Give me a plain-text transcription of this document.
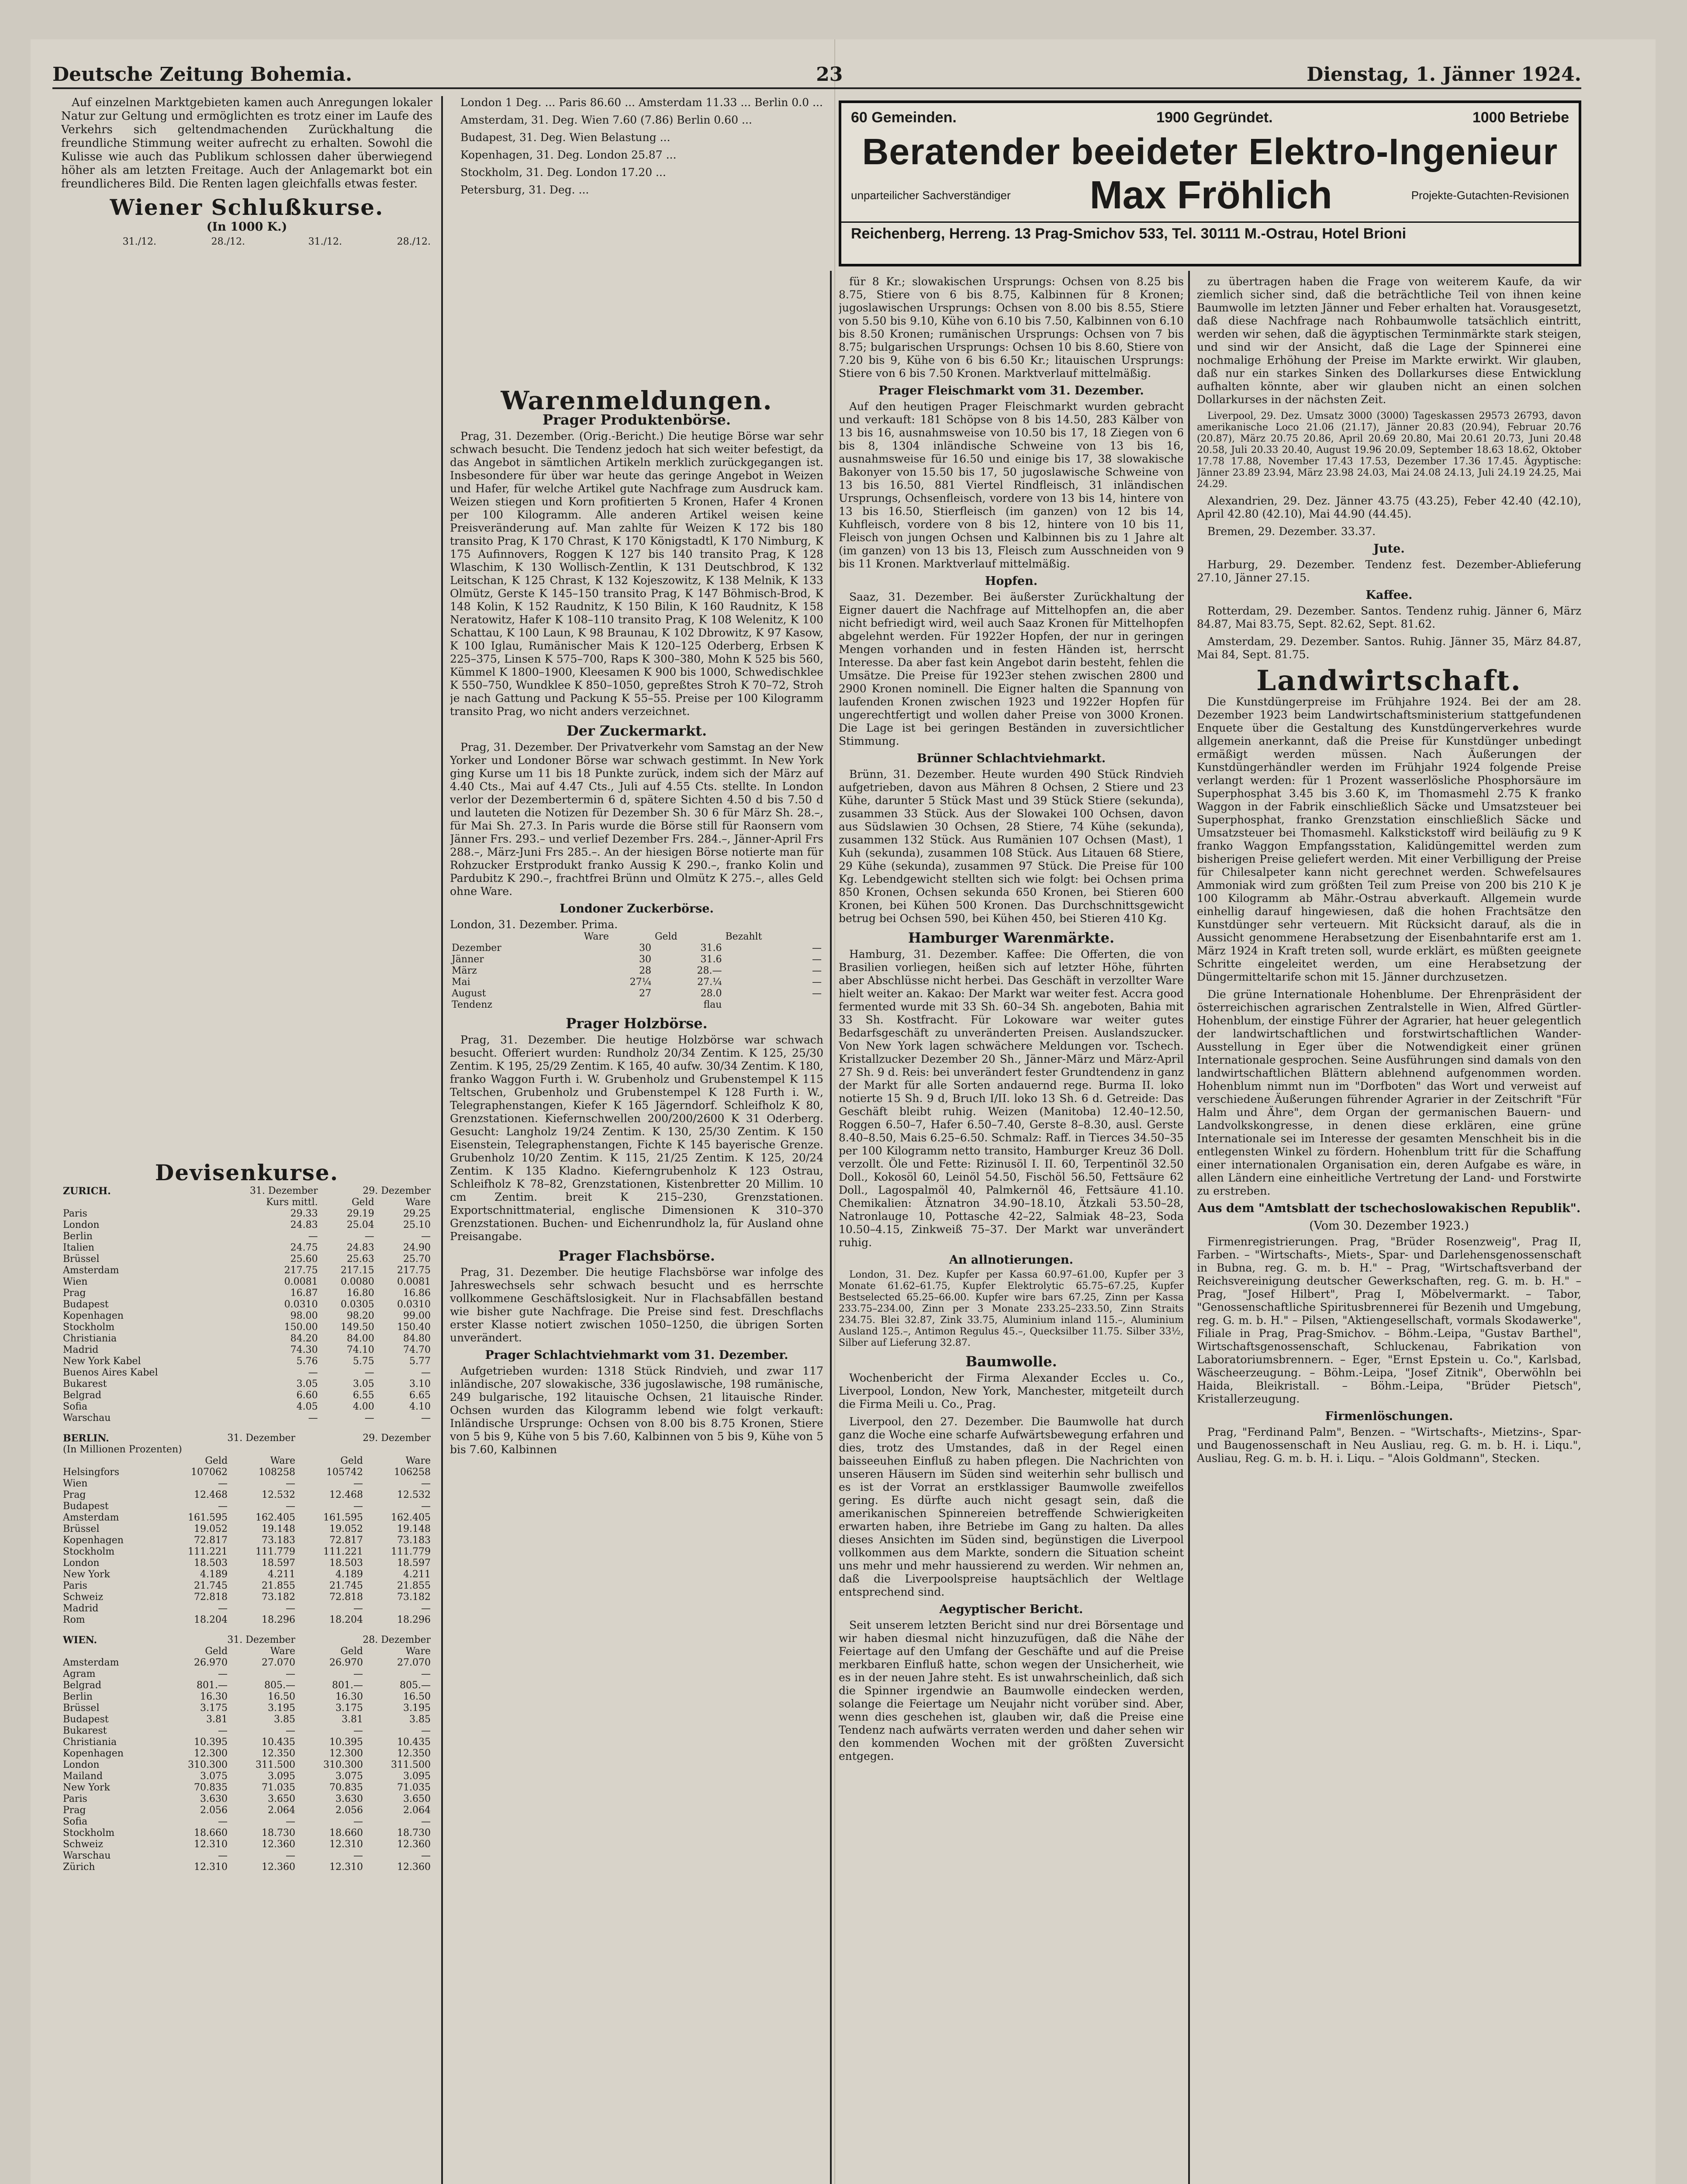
Deutsche Zeitung Bohemia.	23	Dienstag, 1. Jänner 1924.

Auf einzelnen Marktgebieten kamen auch Anregungen lokaler Natur zur Geltung und ermöglichten es trotz einer im Laufe des Verkehrs sich geltendmachenden Zurückhaltung die freundliche Stimmung weiter aufrecht zu erhalten. Sowohl die Kulisse wie auch das Publikum schlossen daher überwiegend höher als am letzten Freitage. Auch der Anlagemarkt bot ein freundlicheres Bild. Die Renten lagen gleichfalls etwas fester.

Wiener Schlußkurse.
(In 1000 K.)
	31./12.	28./12.		31./12.	28./12.
Devisenkurse.
ZURICH.	31. Dezember	29. Dezember	
	Kurs mittl.	Geld	Ware
Paris	29.33	29.19	29.25
London	24.83	25.04	25.10
Berlin	—	—	—
Italien	24.75	24.83	24.90
Brüssel	25.60	25.63	25.70
Amsterdam	217.75	217.15	217.75
Wien	0.0081	0.0080	0.0081
Prag	16.87	16.80	16.86
Budapest	0.0310	0.0305	0.0310
Kopenhagen	98.00	98.20	99.00
Stockholm	150.00	149.50	150.40
Christiania	84.20	84.00	84.80
Madrid	74.30	74.10	74.70
New York Kabel	5.76	5.75	5.77
Buenos Aires Kabel	—	—	—
Bukarest	3.05	3.05	3.10
Belgrad	6.60	6.55	6.65
Sofia	4.05	4.00	4.10
Warschau	—	—	—
BERLIN.	31. Dezember		29. Dezember	
(In Millionen Prozenten)				
	Geld	Ware	Geld	Ware
Helsingfors	107062	108258	105742	106258
Wien	—	—	—	—
Prag	12.468	12.532	12.468	12.532
Budapest	—	—	—	—
Amsterdam	161.595	162.405	161.595	162.405
Brüssel	19.052	19.148	19.052	19.148
Kopenhagen	72.817	73.183	72.817	73.183
Stockholm	111.221	111.779	111.221	111.779
London	18.503	18.597	18.503	18.597
New York	4.189	4.211	4.189	4.211
Paris	21.745	21.855	21.745	21.855
Schweiz	72.818	73.182	72.818	73.182
Madrid	—	—	—	—
Rom	18.204	18.296	18.204	18.296
WIEN.	31. Dezember		28. Dezember	
	Geld	Ware	Geld	Ware
Amsterdam	26.970	27.070	26.970	27.070
Agram	—	—	—	—
Belgrad	801.—	805.—	801.—	805.—
Berlin	16.30	16.50	16.30	16.50
Brüssel	3.175	3.195	3.175	3.195
Budapest	3.81	3.85	3.81	3.85
Bukarest	—	—	—	—
Christiania	10.395	10.435	10.395	10.435
Kopenhagen	12.300	12.350	12.300	12.350
London	310.300	311.500	310.300	311.500
Mailand	3.075	3.095	3.075	3.095
New York	70.835	71.035	70.835	71.035
Paris	3.630	3.650	3.630	3.650
Prag	2.056	2.064	2.056	2.064
Sofia	—	—	—	—
Stockholm	18.660	18.730	18.660	18.730
Schweiz	12.310	12.360	12.310	12.360
Warschau	—	—	—	—
Zürich	12.310	12.360	12.310	12.360

London 1 Deg. ... Paris 86.60 ... Amsterdam 11.33 ... Berlin 0.0 ...

Amsterdam, 31. Deg. Wien 7.60 (7.86) Berlin 0.60 ...

Budapest, 31. Deg. Wien Belastung ...

Kopenhagen, 31. Deg. London 25.87 ...

Stockholm, 31. Deg. London 17.20 ...

Petersburg, 31. Deg. ...

Warenmeldungen.
Prager Produktenbörse.

Prag, 31. Dezember. (Orig.-Bericht.) Die heutige Börse war sehr schwach besucht. Die Tendenz jedoch hat sich weiter befestigt, da das Angebot in sämtlichen Artikeln merklich zurückgegangen ist. Insbesondere für über war heute das geringe Angebot in Weizen und Hafer, für welche Artikel gute Nachfrage zum Ausdruck kam. Weizen stiegen und Korn profitierten 5 Kronen, Hafer 4 Kronen per 100 Kilogramm. Alle anderen Artikel weisen keine Preisveränderung auf. Man zahlte für Weizen K 172 bis 180 transito Prag, K 170 Chrast, K 170 Königstadtl, K 170 Nimburg, K 175 Aufinnovers, Roggen K 127 bis 140 transito Prag, K 128 Wlaschim, K 130 Wollisch-Zentlin, K 131 Deutschbrod, K 132 Leitschan, K 125 Chrast, K 132 Kojeszowitz, K 138 Melnik, K 133 Olmütz, Gerste K 145–150 transito Prag, K 147 Böhmisch-Brod, K 148 Kolin, K 152 Raudnitz, K 150 Bilin, K 160 Raudnitz, K 158 Neratowitz, Hafer K 108–110 transito Prag, K 108 Welenitz, K 100 Schattau, K 100 Laun, K 98 Braunau, K 102 Dbrowitz, K 97 Kasow, K 100 Iglau, Rumänischer Mais K 120–125 Oderberg, Erbsen K 225–375, Linsen K 575–700, Raps K 300–380, Mohn K 525 bis 560, Kümmel K 1800–1900, Kleesamen K 900 bis 1000, Schwedischklee K 550–750, Wundklee K 850–1050, gepreßtes Stroh K 70–72, Stroh je nach Gattung und Packung K 55–55. Preise per 100 Kilogramm transito Prag, wo nicht anders verzeichnet.

Der Zuckermarkt.

Prag, 31. Dezember. Der Privatverkehr vom Samstag an der New Yorker und Londoner Börse war schwach gestimmt. In New York ging Kurse um 11 bis 18 Punkte zurück, indem sich der März auf 4.40 Cts., Mai auf 4.47 Cts., Juli auf 4.55 Cts. stellte. In London verlor der Dezembertermin 6 d, spätere Sichten 4.50 d bis 7.50 d und lauteten die Notizen für Dezember Sh. 30 6 für März Sh. 28.–, für Mai Sh. 27.3. In Paris wurde die Börse still für Raonsern vom Jänner Frs. 293.– und verlief Dezember Frs. 284.–, Jänner-April Frs 288.–, März-Juni Frs 285.–. An der hiesigen Börse notierte man für Rohzucker Erstprodukt franko Aussig K 290.–, franko Kolin und Pardubitz K 290.–, frachtfrei Brünn und Olmütz K 275.–, alles Geld ohne Ware.

Londoner Zuckerbörse.
London, 31. Dezember. Prima.
	Ware	Geld	Bezahlt
Dezember	30	31.6	—
Jänner	30	31.6	—
März	28	28.—	—
Mai	27¼	27.¼	—
August	27	28.0	—
Tendenz		flau	
Prager Holzbörse.

Prag, 31. Dezember. Die heutige Holzbörse war schwach besucht. Offeriert wurden: Rundholz 20/34 Zentim. K 125, 25/30 Zentim. K 195, 25/29 Zentim. K 165, 40 aufw. 30/34 Zentim. K 180, franko Waggon Furth i. W. Grubenholz und Grubenstempel K 115 Teltschen, Grubenholz und Grubenstempel K 128 Furth i. W., Telegraphenstangen, Kiefer K 165 Jägerndorf. Schleifholz K 80, Grenzstationen. Kiefernschwellen 200/200/2600 K 31 Oderberg. Gesucht: Langholz 19/24 Zentim. K 130, 25/30 Zentim. K 150 Eisenstein, Telegraphenstangen, Fichte K 145 bayerische Grenze. Grubenholz 10/20 Zentim. K 115, 21/25 Zentim. K 125, 20/24 Zentim. K 135 Kladno. Kieferngrubenholz K 123 Ostrau, Schleifholz K 78–82, Grenzstationen, Kistenbretter 20 Millim. 10 cm Zentim. breit K 215–230, Grenzstationen. Exportschnittmaterial, englische Dimensionen K 310–370 Grenzstationen. Buchen- und Eichenrundholz la, für Ausland ohne Preisangabe.

Prager Flachsbörse.

Prag, 31. Dezember. Die heutige Flachsbörse war infolge des Jahreswechsels sehr schwach besucht und es herrschte vollkommene Geschäftslosigkeit. Nur in Flachsabfällen bestand wie bisher gute Nachfrage. Die Preise sind fest. Dreschflachs erster Klasse notiert zwischen 1050–1250, die übrigen Sorten unverändert.

Prager Schlachtviehmarkt vom 31. Dezember.

Aufgetrieben wurden: 1318 Stück Rindvieh, und zwar 117 inländische, 207 slowakische, 336 jugoslawische, 198 rumänische, 249 bulgarische, 192 litauische Ochsen, 21 litauische Rinder. Ochsen wurden das Kilogramm lebend wie folgt verkauft: Inländische Ursprunge: Ochsen von 8.00 bis 8.75 Kronen, Stiere von 5 bis 9, Kühe von 5 bis 7.60, Kalbinnen von 5 bis 9, Kühe von 5 bis 7.60, Kalbinnen

60 Gemeinden.	1900 Gegründet.	1000 Betriebe
Beratender beeideter Elektro-Ingenieur
unparteilicher Sachverständiger Max Fröhlich	Projekte-Gutachten-Revisionen
Reichenberg, Herreng. 13 Prag-Smichov 533, Tel. 30111 M.-Ostrau, Hotel Brioni

für 8 Kr.; slowakischen Ursprungs: Ochsen von 8.25 bis 8.75, Stiere von 6 bis 8.75, Kalbinnen für 8 Kronen; jugoslawischen Ursprungs: Ochsen von 8.00 bis 8.55, Stiere von 5.50 bis 9.10, Kühe von 6.10 bis 7.50, Kalbinnen von 6.10 bis 8.50 Kronen; rumänischen Ursprungs: Ochsen von 7 bis 8.75; bulgarischen Ursprungs: Ochsen 10 bis 8.60, Stiere von 7.20 bis 9, Kühe von 6 bis 6.50 Kr.; litauischen Ursprungs: Stiere von 6 bis 7.50 Kronen. Marktverlauf mittelmäßig.

Prager Fleischmarkt vom 31. Dezember.

Auf den heutigen Prager Fleischmarkt wurden gebracht und verkauft: 181 Schöpse von 8 bis 14.50, 283 Kälber von 13 bis 16, ausnahmsweise von 10.50 bis 17, 18 Ziegen von 6 bis 8, 1304 inländische Schweine von 13 bis 16, ausnahmsweise für 16.50 und einige bis 17, 38 slowakische Bakonyer von 15.50 bis 17, 50 jugoslawische Schweine von 13 bis 16.50, 881 Viertel Rindfleisch, 31 inländischen Ursprungs, Ochsenfleisch, vordere von 13 bis 14, hintere von 13 bis 16.50, Stierfleisch (im ganzen) von 12 bis 14, Kuhfleisch, vordere von 8 bis 12, hintere von 10 bis 11, Fleisch von jungen Ochsen und Kalbinnen bis zu 1 Jahre alt (im ganzen) von 13 bis 13, Fleisch zum Ausschneiden von 9 bis 11 Kronen. Marktverlauf mittelmäßig.

Hopfen.

Saaz, 31. Dezember. Bei äußerster Zurückhaltung der Eigner dauert die Nachfrage auf Mittelhopfen an, die aber nicht befriedigt wird, weil auch Saaz Kronen für Mittelhopfen abgelehnt werden. Für 1922er Hopfen, der nur in geringen Mengen vorhanden und in festen Händen ist, herrscht Interesse. Da aber fast kein Angebot darin besteht, fehlen die Umsätze. Die Preise für 1923er stehen zwischen 2800 und 2900 Kronen nominell. Die Eigner halten die Spannung von laufenden Kronen zwischen 1923 und 1922er Hopfen für ungerechtfertigt und wollen daher Preise von 3000 Kronen. Die Lage ist bei geringen Beständen in zuversichtlicher Stimmung.

Brünner Schlachtviehmarkt.

Brünn, 31. Dezember. Heute wurden 490 Stück Rindvieh aufgetrieben, davon aus Mähren 8 Ochsen, 2 Stiere und 23 Kühe, darunter 5 Stück Mast und 39 Stück Stiere (sekunda), zusammen 33 Stück. Aus der Slowakei 100 Ochsen, davon aus Südslawien 30 Ochsen, 28 Stiere, 74 Kühe (sekunda), zusammen 132 Stück. Aus Rumänien 107 Ochsen (Mast), 1 Kuh (sekunda), zusammen 108 Stück. Aus Litauen 68 Stiere, 29 Kühe (sekunda), zusammen 97 Stück. Die Preise für 100 Kg. Lebendgewicht stellten sich wie folgt: bei Ochsen prima 850 Kronen, Ochsen sekunda 650 Kronen, bei Stieren 600 Kronen, bei Kühen 500 Kronen. Das Durchschnittsgewicht betrug bei Ochsen 590, bei Kühen 450, bei Stieren 410 Kg.

Hamburger Warenmärkte.

Hamburg, 31. Dezember. Kaffee: Die Offerten, die von Brasilien vorliegen, heißen sich auf letzter Höhe, führten aber Abschlüsse nicht herbei. Das Geschäft in verzollter Ware hielt weiter an. Kakao: Der Markt war weiter fest. Accra good fermented wurde mit 33 Sh. 60–34 Sh. angeboten, Bahia mit 33 Sh. Kostfracht. Für Lokoware war weiter gutes Bedarfsgeschäft zu unveränderten Preisen. Auslandszucker. Von New York lagen schwächere Meldungen vor. Tschech. Kristallzucker Dezember 20 Sh., Jänner-März und März-April 27 Sh. 9 d. Reis: bei unverändert fester Grundtendenz in ganz der Markt für alle Sorten andauernd rege. Burma II. loko notierte 15 Sh. 9 d, Bruch I/II. loko 13 Sh. 6 d. Getreide: Das Geschäft bleibt ruhig. Weizen (Manitoba) 12.40–12.50, Roggen 6.50–7, Hafer 6.50–7.40, Gerste 8–8.30, ausl. Gerste 8.40–8.50, Mais 6.25–6.50. Schmalz: Raff. in Tierces 34.50–35 per 100 Kilogramm netto transito, Hamburger Kreuz 36 Doll. verzollt. Öle und Fette: Rizinusöl I. II. 60, Terpentinöl 32.50 Doll., Kokosöl 60, Leinöl 54.50, Fischöl 56.50, Fettsäure 62 Doll., Lagospalmöl 40, Palmkernöl 46, Fettsäure 41.10. Chemikalien: Ätznatron 34.90–18.10, Ätzkali 53.50–28, Natronlauge 10, Pottasche 42–22, Salmiak 48–23, Soda 10.50–4.15, Zinkweiß 75–37. Der Markt war unverändert ruhig.

An allnotierungen.

London, 31. Dez. Kupfer per Kassa 60.97–61.00, Kupfer per 3 Monate 61.62–61.75, Kupfer Elektrolytic 65.75–67.25, Kupfer Bestselected 65.25–66.00. Kupfer wire bars 67.25, Zinn per Kassa 233.75–234.00, Zinn per 3 Monate 233.25–233.50, Zinn Straits 234.75. Blei 32.87, Zink 33.75, Aluminium inland 115.–, Aluminium Ausland 125.–, Antimon Regulus 45.–, Quecksilber 11.75. Silber 33½, Silber auf Lieferung 32.87.

Baumwolle.

Wochenbericht der Firma Alexander Eccles u. Co., Liverpool, London, New York, Manchester, mitgeteilt durch die Firma Meili u. Co., Prag.

Liverpool, den 27. Dezember. Die Baumwolle hat durch ganz die Woche eine scharfe Aufwärtsbewegung erfahren und dies, trotz des Umstandes, daß in der Regel einen baisseeuhen Einfluß zu haben pflegen. Die Nachrichten von unseren Häusern im Süden sind weiterhin sehr bullisch und es ist der Vorrat an erstklassiger Baumwolle zweifellos gering. Es dürfte auch nicht gesagt sein, daß die amerikanischen Spinnereien betreffende Schwierigkeiten erwarten haben, ihre Betriebe im Gang zu halten. Da alles dieses Ansichten im Süden sind, begünstigen die Liverpool vollkommen aus dem Markte, sondern die Situation scheint uns mehr und mehr haussierend zu werden. Wir nehmen an, daß die Liverpoolspreise hauptsächlich der Weltlage entsprechend sind.

Aegyptischer Bericht.

Seit unserem letzten Bericht sind nur drei Börsentage und wir haben diesmal nicht hinzuzufügen, daß die Nähe der Feiertage auf den Umfang der Geschäfte und auf die Preise merkbaren Einfluß hatte, schon wegen der Unsicherheit, wie es in der neuen Jahre steht. Es ist unwahrscheinlich, daß sich die Spinner irgendwie an Baumwolle eindecken werden, solange die Feiertage um Neujahr nicht vorüber sind. Aber, wenn dies geschehen ist, glauben wir, daß die Preise eine Tendenz nach aufwärts verraten werden und daher sehen wir den kommenden Wochen mit der größten Zuversicht entgegen.

zu übertragen haben die Frage von weiterem Kaufe, da wir ziemlich sicher sind, daß die beträchtliche Teil von ihnen keine Baumwolle im letzten Jänner und Feber erhalten hat. Vorausgesetzt, daß diese Nachfrage nach Rohbaumwolle tatsächlich eintritt, werden wir sehen, daß die ägyptischen Terminmärkte stark steigen, und sind wir der Ansicht, daß die Lage der Spinnerei eine nochmalige Erhöhung der Preise im Markte erwirkt. Wir glauben, daß nur ein starkes Sinken des Dollarkurses diese Entwicklung aufhalten könnte, aber wir glauben nicht an einen solchen Dollarkurses in der nächsten Zeit.

Liverpool, 29. Dez. Umsatz 3000 (3000) Tageskassen 29573 26793, davon amerikanische Loco 21.06 (21.17), Jänner 20.83 (20.94), Februar 20.76 (20.87), März 20.75 20.86, April 20.69 20.80, Mai 20.61 20.73, Juni 20.48 20.58, Juli 20.33 20.40, August 19.96 20.09, September 18.63 18.62, Oktober 17.78 17.88, November 17.43 17.53, Dezember 17.36 17.45. Ägyptische: Jänner 23.89 23.94, März 23.98 24.03, Mai 24.08 24.13, Juli 24.19 24.25, Mai 24.29.

Alexandrien, 29. Dez. Jänner 43.75 (43.25), Feber 42.40 (42.10), April 42.80 (42.10), Mai 44.90 (44.45).

Bremen, 29. Dezember. 33.37.

Jute.

Harburg, 29. Dezember. Tendenz fest. Dezember-Ablieferung 27.10, Jänner 27.15.

Kaffee.

Rotterdam, 29. Dezember. Santos. Tendenz ruhig. Jänner 6, März 84.87, Mai 83.75, Sept. 82.62, Sept. 81.62.

Amsterdam, 29. Dezember. Santos. Ruhig. Jänner 35, März 84.87, Mai 84, Sept. 81.75.

Landwirtschaft.

Die Kunstdüngerpreise im Frühjahre 1924. Bei der am 28. Dezember 1923 beim Landwirtschaftsministerium stattgefundenen Enquete über die Gestaltung des Kunstdüngerverkehres wurde allgemein anerkannt, daß die Preise für Kunstdünger unbedingt ermäßigt werden müssen. Nach Äußerungen der Kunstdüngerhändler werden im Frühjahr 1924 folgende Preise verlangt werden: für 1 Prozent wasserlösliche Phosphorsäure im Superphosphat 3.45 bis 3.60 K, im Thomasmehl 2.75 K franko Waggon in der Fabrik einschließlich Säcke und Umsatzsteuer bei Superphosphat, franko Grenzstation einschließlich Säcke und Umsatzsteuer bei Thomasmehl. Kalkstickstoff wird beiläufig zu 9 K franko Waggon Empfangsstation, Kalidüngemittel werden zum bisherigen Preise geliefert werden. Mit einer Verbilligung der Preise für Chilesalpeter kann nicht gerechnet werden. Schwefelsaures Ammoniak wird zum größten Teil zum Preise von 200 bis 210 K je 100 Kilogramm ab Mähr.-Ostrau abverkauft. Allgemein wurde einhellig darauf hingewiesen, daß die hohen Frachtsätze den Kunstdünger sehr verteuern. Mit Rücksicht darauf, als die in Aussicht genommene Herabsetzung der Eisenbahntarife erst am 1. März 1924 in Kraft treten soll, wurde erklärt, es müßten geeignete Schritte eingeleitet werden, um eine Herabsetzung der Düngermitteltarife schon mit 15. Jänner durchzusetzen.

Die grüne Internationale Hohenblume. Der Ehrenpräsident der österreichischen agrarischen Zentralstelle in Wien, Alfred Gürtler-Hohenblum, der einstige Führer der Agrarier, hat heuer gelegentlich der landwirtschaftlichen und forstwirtschaftlichen Wander-Ausstellung in Eger über die Notwendigkeit einer grünen Internationale gesprochen. Seine Ausführungen sind damals von den landwirtschaftlichen Blättern ablehnend aufgenommen worden. Hohenblum nimmt nun im "Dorfboten" das Wort und verweist auf verschiedene Äußerungen führender Agrarier in der Zeitschrift "Für Halm und Ähre", dem Organ der germanischen Bauern- und Landvolkskongresse, in denen diese erklären, eine grüne Internationale sei im Interesse der gesamten Menschheit bis in die entlegensten Winkel zu fördern. Hohenblum tritt für die Schaffung einer internationalen Organisation ein, deren Aufgabe es wäre, in allen Ländern eine einheitliche Vertretung der Land- und Forstwirte zu erstreben.

Aus dem "Amtsblatt der tschechoslowakischen Republik".
(Vom 30. Dezember 1923.)

Firmenregistrierungen. Prag, "Brüder Rosenzweig", Prag II, Farben. – "Wirtschafts-, Miets-, Spar- und Darlehensgenossenschaft in Bubna, reg. G. m. b. H." – Prag, "Wirtschaftsverband der Reichsvereinigung deutscher Gewerkschaften, reg. G. m. b. H." – Prag, "Josef Hilbert", Prag I, Möbelvermarkt. – Tabor, "Genossenschaftliche Spiritusbrennerei für Bezenih und Umgebung, reg. G. m. b. H." – Pilsen, "Aktiengesellschaft, vormals Skodawerke", Filiale in Prag, Prag-Smichov. – Böhm.-Leipa, "Gustav Barthel", Wirtschaftsgenossenschaft, Schluckenau, Fabrikation von Laboratoriumsbrennern. – Eger, "Ernst Epstein u. Co.", Karlsbad, Wäscheerzeugung. – Böhm.-Leipa, "Josef Zitnik", Oberwöhln bei Haida, Bleikristall. – Böhm.-Leipa, "Brüder Pietsch", Kristallerzeugung.

Firmenlöschungen.

Prag, "Ferdinand Palm", Benzen. – "Wirtschafts-, Mietzins-, Spar- und Baugenossenschaft in Neu Ausliau, reg. G. m. b. H. i. Liqu.", Ausliau, Reg. G. m. b. H. i. Liqu. – "Alois Goldmann", Stecken.
